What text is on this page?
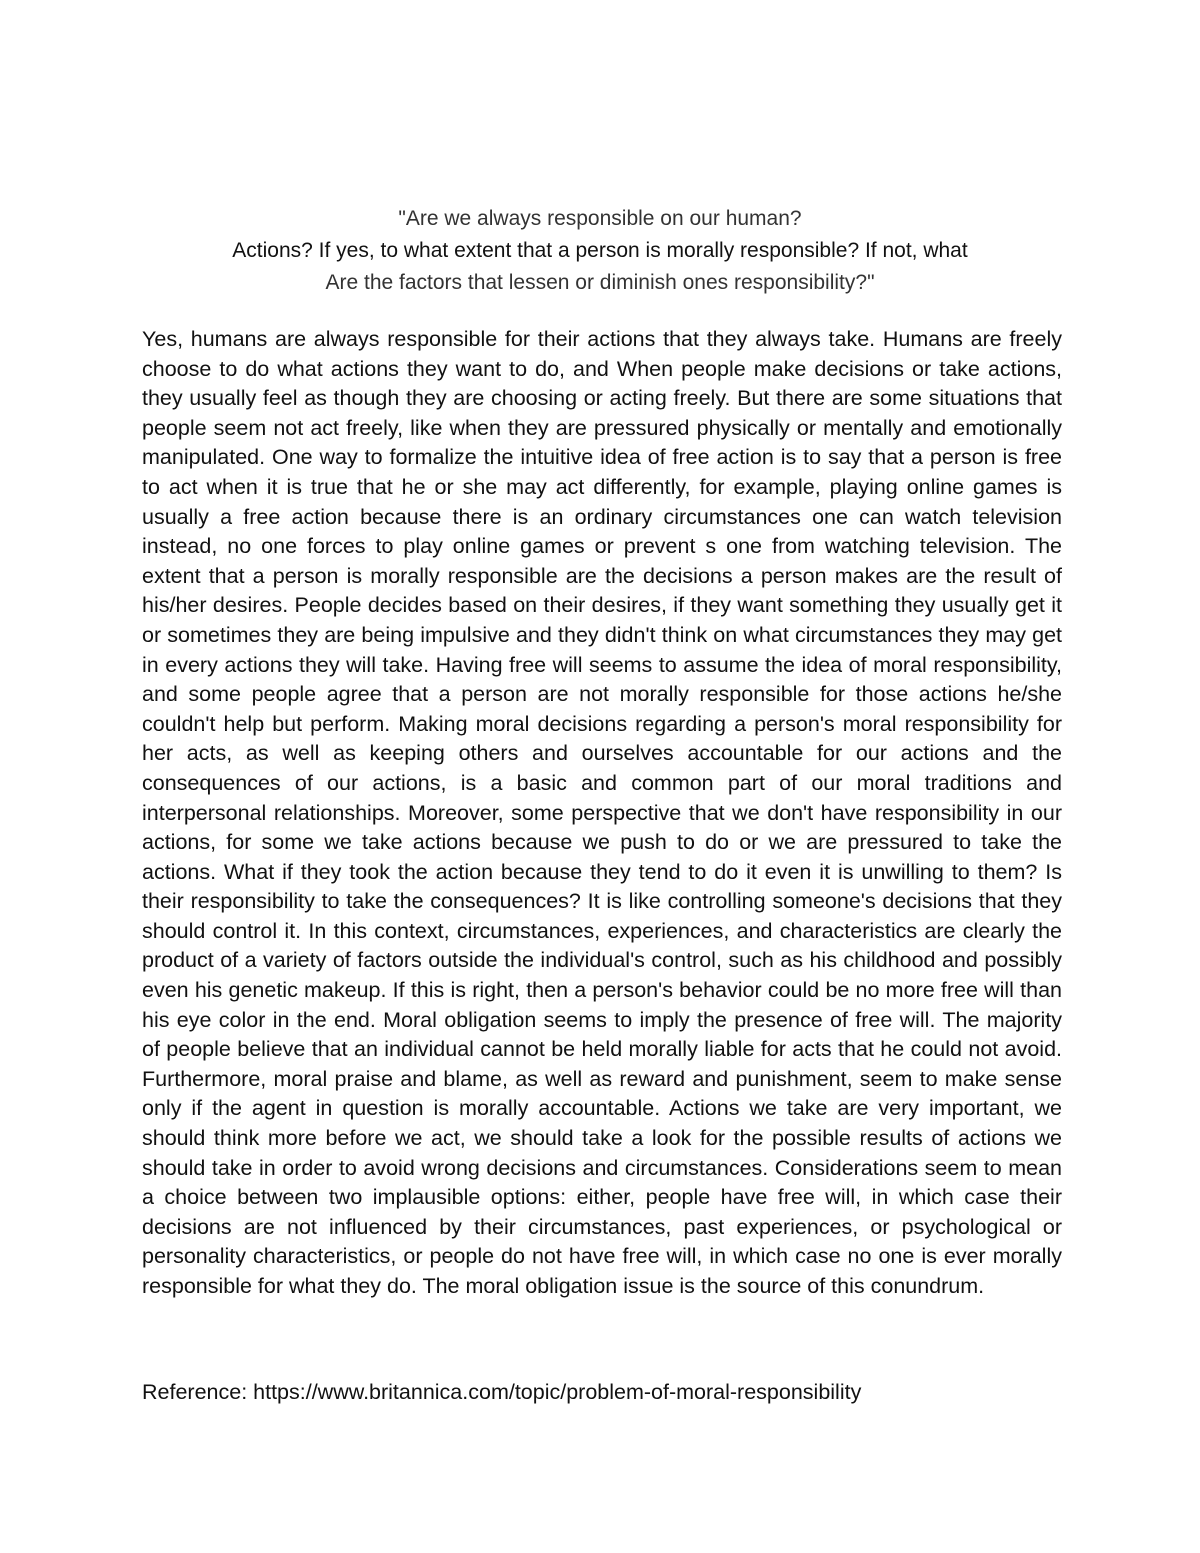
"Are we always responsible on our human?
Actions? If yes, to what extent that a person is morally responsible? If not, what
Are the factors that lessen or diminish ones responsibility?"

Yes, humans are always responsible for their actions that they always take. Humans are freely choose to do what actions they want to do, and When people make decisions or take actions, they usually feel as though they are choosing or acting freely. But there are some situations that people seem not act freely, like when they are pressured physically or mentally and emotionally manipulated. One way to formalize the intuitive idea of free action is to say that a person is free to act when it is true that he or she may act differently, for example, playing online games is usually a free action because there is an ordinary circumstances one can watch television instead, no one forces to play online games or prevent s one from watching television. The extent that a person is morally responsible are the decisions a person makes are the result of his/her desires. People decides based on their desires, if they want something they usually get it or sometimes they are being impulsive and they didn't think on what circumstances they may get in every actions they will take. Having free will seems to assume the idea of moral responsibility, and some people agree that a person are not morally responsible for those actions he/she couldn't help but perform. Making moral decisions regarding a person's moral responsibility for her acts, as well as keeping others and ourselves accountable for our actions and the consequences of our actions, is a basic and common part of our moral traditions and interpersonal relationships. Moreover, some perspective that we don't have responsibility in our actions, for some we take actions because we push to do or we are pressured to take the actions. What if they took the action because they tend to do it even it is unwilling to them? Is their responsibility to take the consequences? It is like controlling someone's decisions that they should control it. In this context, circumstances, experiences, and characteristics are clearly the product of a variety of factors outside the individual's control, such as his childhood and possibly even his genetic makeup. If this is right, then a person's behavior could be no more free will than his eye color in the end. Moral obligation seems to imply the presence of free will. The majority of people believe that an individual cannot be held morally liable for acts that he could not avoid. Furthermore, moral praise and blame, as well as reward and punishment, seem to make sense only if the agent in question is morally accountable. Actions we take are very important, we should think more before we act, we should take a look for the possible results of actions we should take in order to avoid wrong decisions and circumstances. Considerations seem to mean a choice between two implausible options: either, people have free will, in which case their decisions are not influenced by their circumstances, past experiences, or psychological or personality characteristics, or people do not have free will, in which case no one is ever morally responsible for what they do. The moral obligation issue is the source of this conundrum.

Reference: https://www.britannica.com/topic/problem-of-moral-responsibility
